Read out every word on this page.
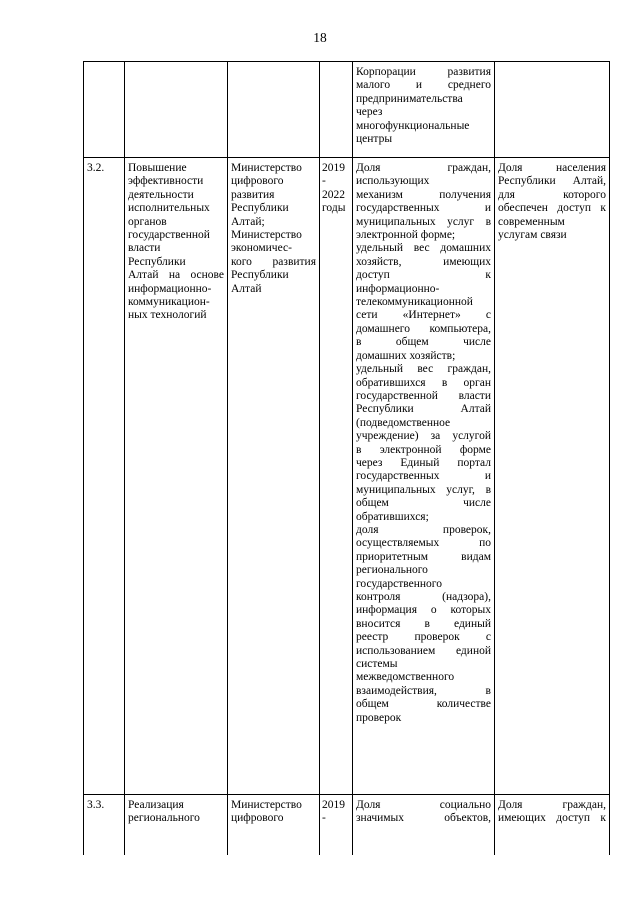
18
Корпорации развития
малого и среднего
предпринимательства
через
многофункциональные
центры
3.2.	Повышение
эффективности
деятельности
исполнительных
органов
государственной
власти
Республики
Алтай на основе
информационно-
коммуникацион-
ных технологий
Министерство
цифрового
развития
Республики
Алтай;
Министерство
экономичес-
кого развития
Республики
Алтай
2019
-
2022
годы
Доля граждан,
использующих
механизм получения
государственных и
муниципальных услуг в
электронной форме;
удельный вес домашних
хозяйств, имеющих
доступ к
информационно-
телекоммуникационной
сети «Интернет» с
домашнего компьютера,
в общем числе
домашних хозяйств;
удельный вес граждан,
обратившихся в орган
государственной власти
Республики Алтай
(подведомственное
учреждение) за услугой
в электронной форме
через Единый портал
государственных и
муниципальных услуг, в
общем числе
обратившихся;
доля проверок,
осуществляемых по
приоритетным видам
регионального
государственного
контроля (надзора),
информация о которых
вносится в единый
реестр проверок с
использованием единой
системы
межведомственного
взаимодействия, в
общем количестве
проверок
Доля населения
Республики Алтай,
для которого
обеспечен доступ к
современным
услугам связи
3.3.	Реализация
регионального
Министерство
цифрового
2019
-
Доля социально
значимых объектов,
Доля граждан,
имеющих доступ к
